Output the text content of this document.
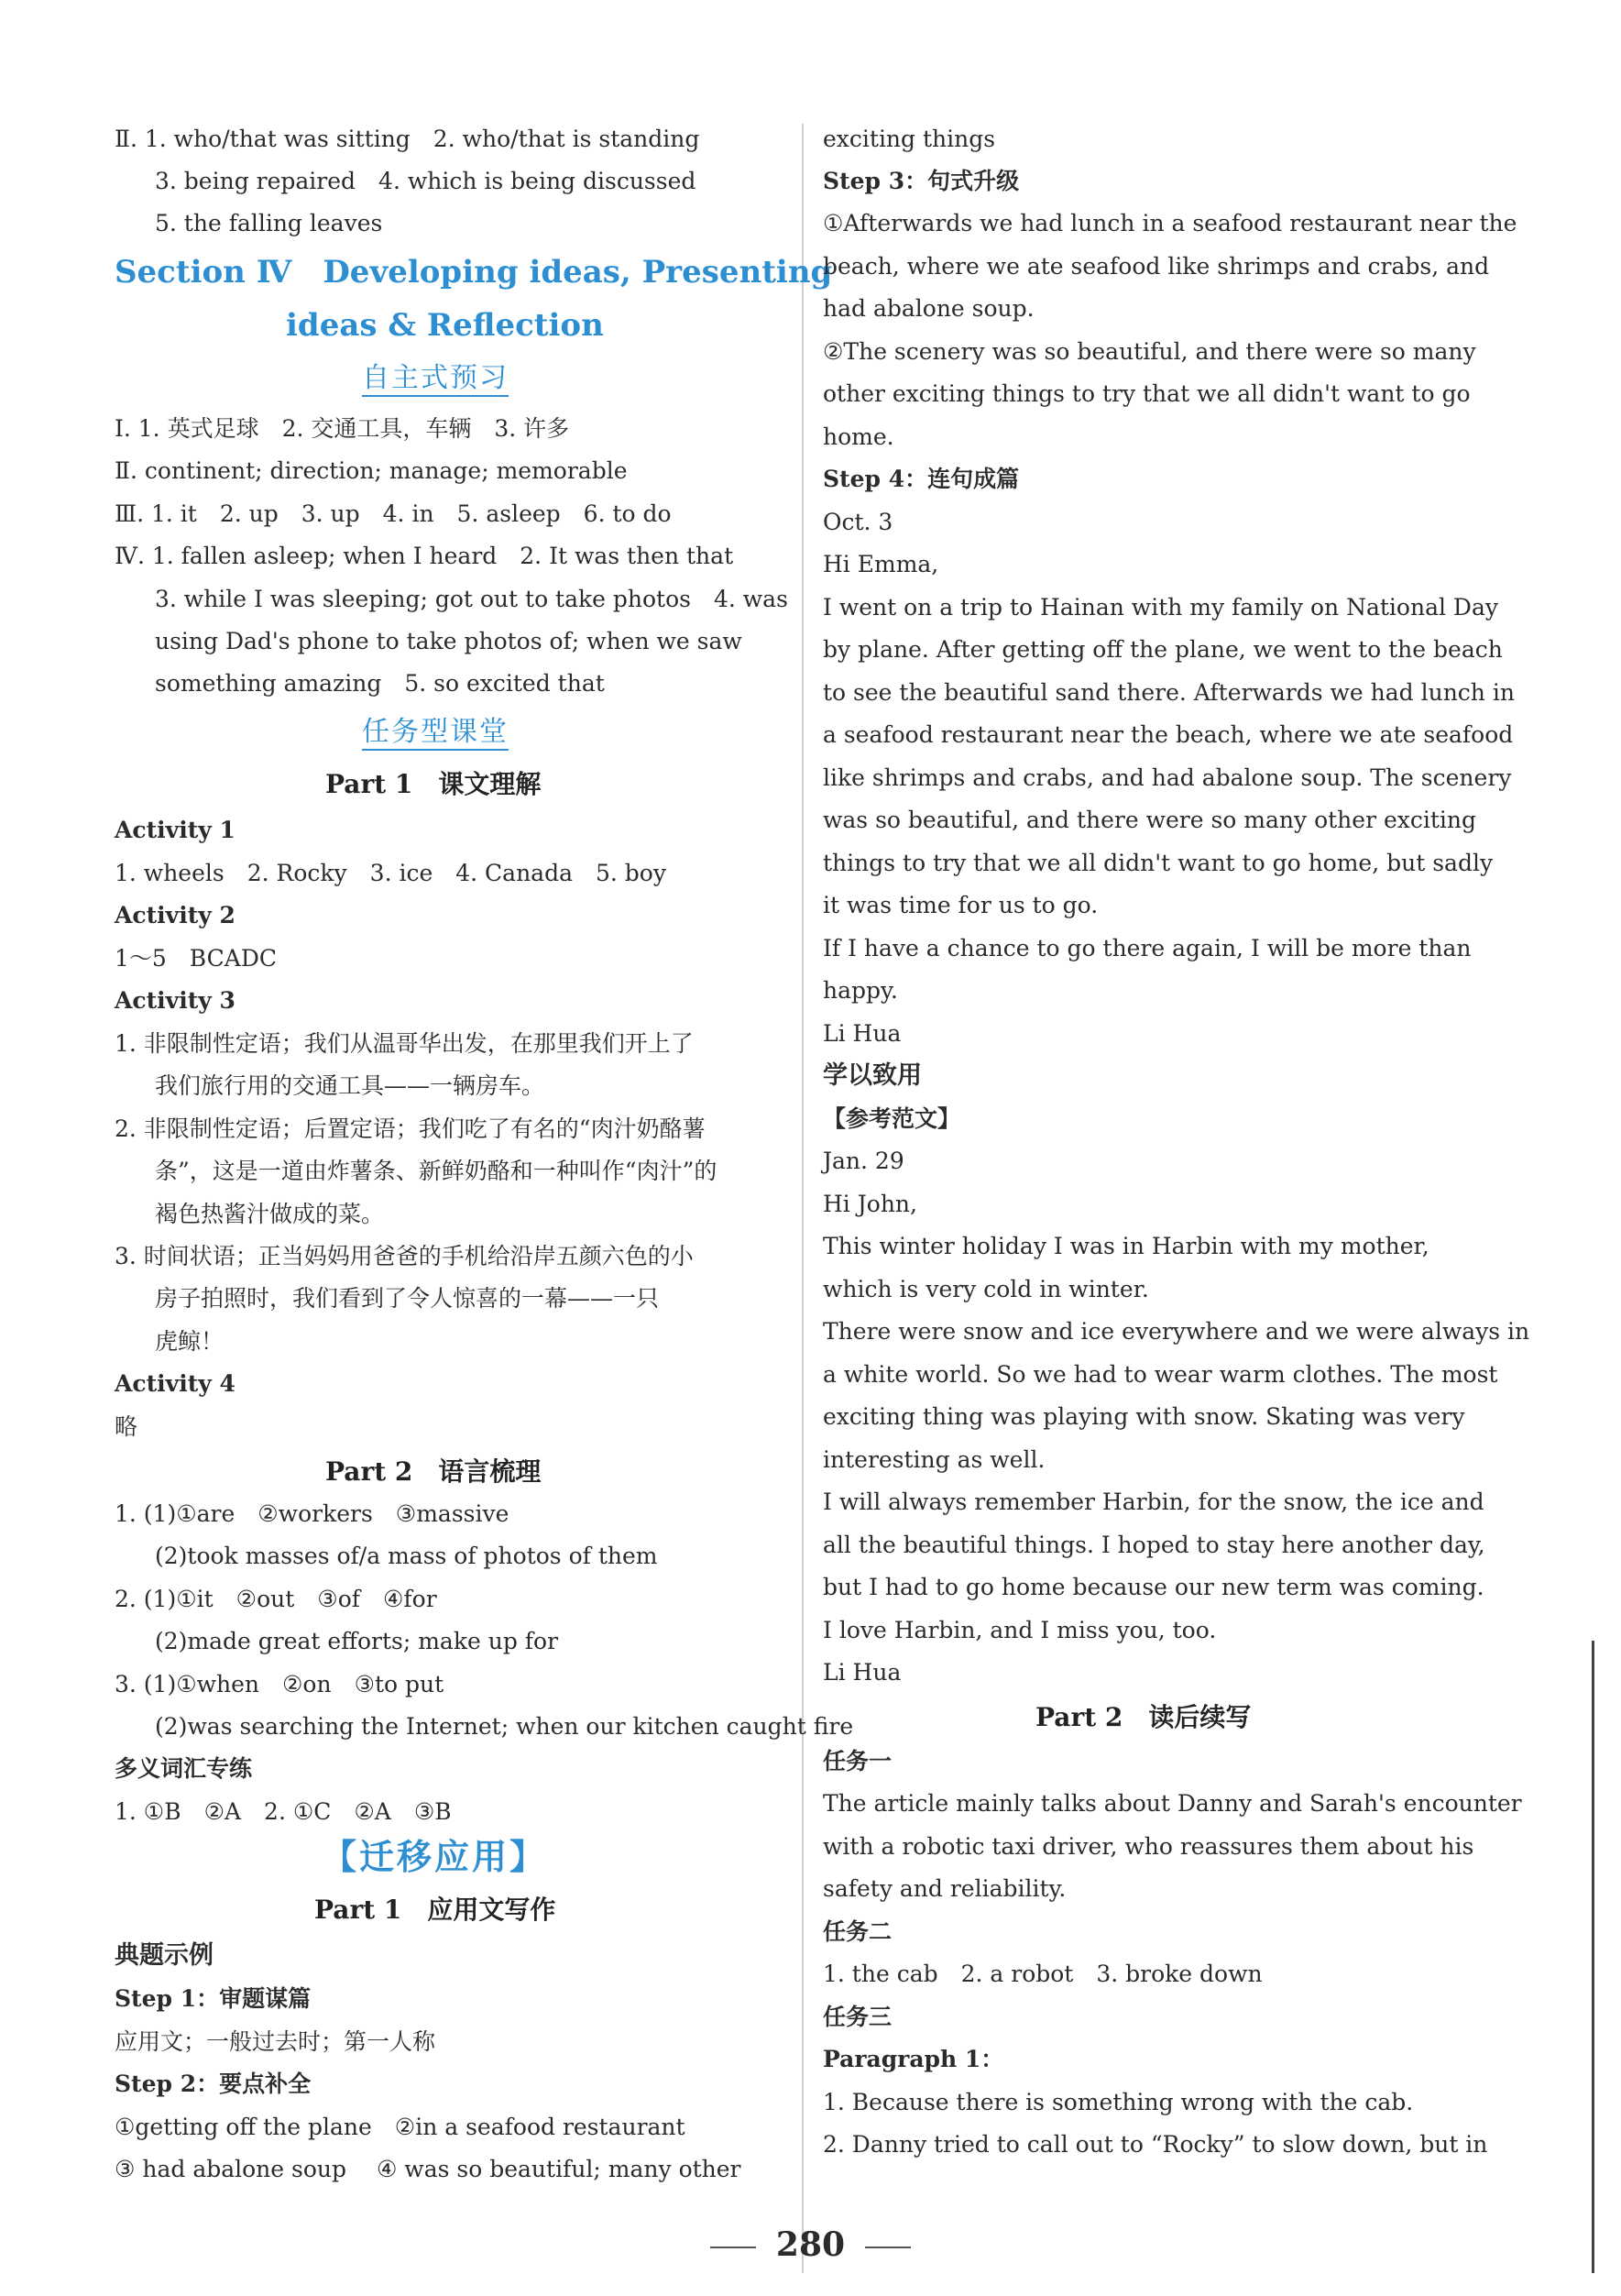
Ⅱ. 1. who/that was sitting　2. who/that is standing
3. being repaired　4. which is being discussed
5. the falling leaves
Section Ⅳ　Developing ideas, Presenting
ideas & Reflection
自主式预习
Ⅰ. 1. 英式足球　2. 交通工具，车辆　3. 许多
Ⅱ. continent; direction; manage; memorable
Ⅲ. 1. it　2. up　3. up　4. in　5. asleep　6. to do
Ⅳ. 1. fallen asleep; when I heard　2. It was then that
3. while I was sleeping; got out to take photos　4. was
using Dad's phone to take photos of; when we saw
something amazing　5. so excited that
任务型课堂
Part 1　课文理解
Activity 1
1. wheels　2. Rocky　3. ice　4. Canada　5. boy
Activity 2
1～5　BCADC
Activity 3
1. 非限制性定语；我们从温哥华出发，在那里我们开上了
我们旅行用的交通工具——一辆房车。
2. 非限制性定语；后置定语；我们吃了有名的“肉汁奶酪薯
条”，这是一道由炸薯条、新鲜奶酪和一种叫作“肉汁”的
褐色热酱汁做成的菜。
3. 时间状语；正当妈妈用爸爸的手机给沿岸五颜六色的小
房子拍照时，我们看到了令人惊喜的一幕——一只
虎鲸！
Activity 4
略
Part 2　语言梳理
1. (1)①are　②workers　③massive
(2)took masses of/a mass of photos of them
2. (1)①it　②out　③of　④for
(2)made great efforts; make up for
3. (1)①when　②on　③to put
(2)was searching the Internet; when our kitchen caught fire
多义词汇专练
1. ①B　②A　2. ①C　②A　③B
【迁移应用】
Part 1　应用文写作
典题示例
Step 1：审题谋篇
应用文；一般过去时；第一人称
Step 2：要点补全
①getting off the plane　②in a seafood restaurant
③ had abalone soup　 ④ was so beautiful; many other
exciting things
Step 3：句式升级
①Afterwards we had lunch in a seafood restaurant near the
beach, where we ate seafood like shrimps and crabs, and
had abalone soup.
②The scenery was so beautiful, and there were so many
other exciting things to try that we all didn't want to go
home.
Step 4：连句成篇
Oct. 3
Hi Emma,
I went on a trip to Hainan with my family on National Day
by plane. After getting off the plane, we went to the beach
to see the beautiful sand there. Afterwards we had lunch in
a seafood restaurant near the beach, where we ate seafood
like shrimps and crabs, and had abalone soup. The scenery
was so beautiful, and there were so many other exciting
things to try that we all didn't want to go home, but sadly
it was time for us to go.
If I have a chance to go there again, I will be more than
happy.
Li Hua
学以致用
【参考范文】
Jan. 29
Hi John,
This winter holiday I was in Harbin with my mother,
which is very cold in winter.
There were snow and ice everywhere and we were always in
a white world. So we had to wear warm clothes. The most
exciting thing was playing with snow. Skating was very
interesting as well.
I will always remember Harbin, for the snow, the ice and
all the beautiful things. I hoped to stay here another day,
but I had to go home because our new term was coming.
I love Harbin, and I miss you, too.
Li Hua
Part 2　读后续写
任务一
The article mainly talks about Danny and Sarah's encounter
with a robotic taxi driver, who reassures them about his
safety and reliability.
任务二
1. the cab　2. a robot　3. broke down
任务三
Paragraph 1：
1. Because there is something wrong with the cab.
2. Danny tried to call out to “Rocky” to slow down, but in
280
